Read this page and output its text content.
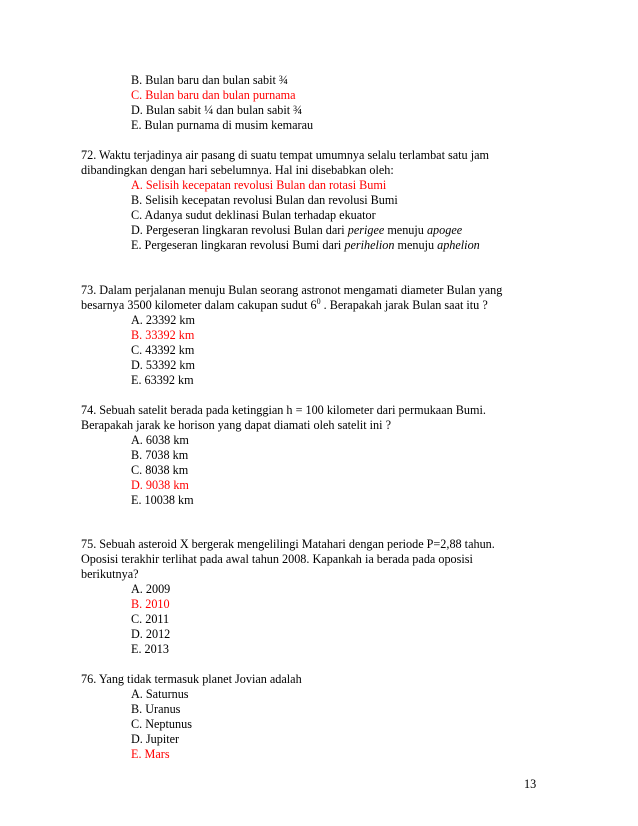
B. Bulan baru dan bulan sabit ¾
C. Bulan baru dan bulan purnama
D. Bulan sabit ¼ dan bulan sabit ¾
E. Bulan purnama di musim kemarau
72. Waktu terjadinya air pasang di suatu tempat umumnya selalu terlambat satu jam
dibandingkan dengan hari sebelumnya. Hal ini disebabkan oleh:
A. Selisih kecepatan revolusi Bulan dan rotasi Bumi
B. Selisih kecepatan revolusi Bulan dan revolusi Bumi
C. Adanya sudut deklinasi Bulan terhadap ekuator
D. Pergeseran lingkaran revolusi Bulan dari perigee menuju apogee
E. Pergeseran lingkaran revolusi Bumi dari perihelion menuju aphelion
73. Dalam perjalanan menuju Bulan seorang astronot mengamati diameter Bulan yang
besarnya 3500 kilometer dalam cakupan sudut $6^0$ . Berapakah jarak Bulan saat itu ?
A. 23392 km
B. 33392 km
C. 43392 km
D. 53392 km
E. 63392 km
74. Sebuah satelit berada pada ketinggian h = 100 kilometer dari permukaan Bumi.
Berapakah jarak ke horison yang dapat diamati oleh satelit ini ?
A. 6038 km
B. 7038 km
C. 8038 km
D. 9038 km
E. 10038 km
75. Sebuah asteroid X bergerak mengelilingi Matahari dengan periode P=2,88 tahun.
Oposisi terakhir terlihat pada awal tahun 2008. Kapankah ia berada pada oposisi
berikutnya?
A. 2009
B. 2010
C. 2011
D. 2012
E. 2013
76. Yang tidak termasuk planet Jovian adalah
A. Saturnus
B. Uranus
C. Neptunus
D. Jupiter
E. Mars
13
